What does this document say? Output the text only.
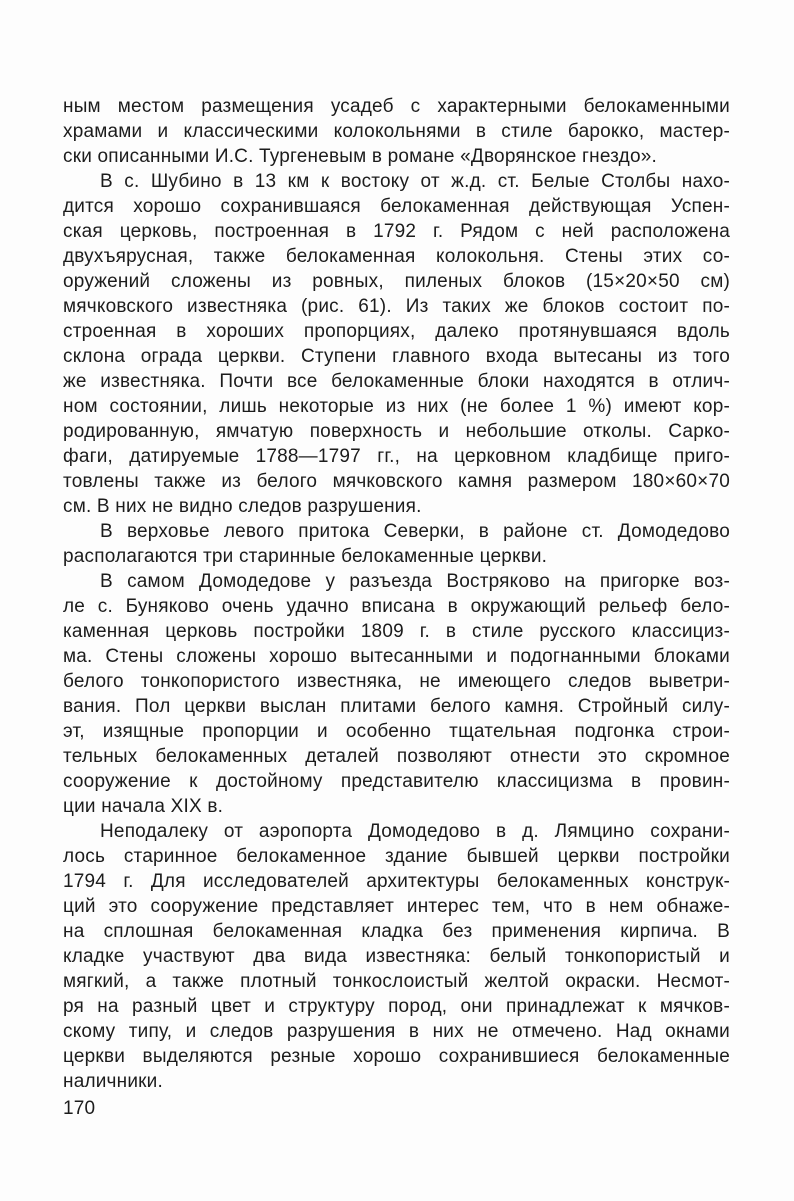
ным местом размещения усадеб с характерными белокаменными
храмами и классическими колокольнями в стиле барокко, мастер-
ски описанными И.С. Тургеневым в романе «Дворянское гнездо».
В с. Шубино в 13 км к востоку от ж.д. ст. Белые Столбы нахо-
дится хорошо сохранившаяся белокаменная действующая Успен-
ская церковь, построенная в 1792 г. Рядом с ней расположена
двухъярусная, также белокаменная колокольня. Стены этих со-
оружений сложены из ровных, пиленых блоков (15×20×50 см)
мячковского известняка (рис. 61). Из таких же блоков состоит по-
строенная в хороших пропорциях, далеко протянувшаяся вдоль
склона ограда церкви. Ступени главного входа вытесаны из того
же известняка. Почти все белокаменные блоки находятся в отлич-
ном состоянии, лишь некоторые из них (не более 1 %) имеют кор-
родированную, ямчатую поверхность и небольшие отколы. Сарко-
фаги, датируемые 1788—1797 гг., на церковном кладбище приго-
товлены также из белого мячковского камня размером 180×60×70
см. В них не видно следов разрушения.
В верховье левого притока Северки, в районе ст. Домодедово
располагаются три старинные белокаменные церкви.
В самом Домодедове у разъезда Востряково на пригорке воз-
ле с. Буняково очень удачно вписана в окружающий рельеф бело-
каменная церковь постройки 1809 г. в стиле русского классициз-
ма. Стены сложены хорошо вытесанными и подогнанными блоками
белого тонкопористого известняка, не имеющего следов выветри-
вания. Пол церкви выслан плитами белого камня. Стройный силу-
эт, изящные пропорции и особенно тщательная подгонка строи-
тельных белокаменных деталей позволяют отнести это скромное
сооружение к достойному представителю классицизма в провин-
ции начала XIX в.
Неподалеку от аэропорта Домодедово в д. Лямцино сохрани-
лось старинное белокаменное здание бывшей церкви постройки
1794 г. Для исследователей архитектуры белокаменных конструк-
ций это сооружение представляет интерес тем, что в нем обнаже-
на сплошная белокаменная кладка без применения кирпича. В
кладке участвуют два вида известняка: белый тонкопористый и
мягкий, а также плотный тонкослоистый желтой окраски. Несмот-
ря на разный цвет и структуру пород, они принадлежат к мячков-
скому типу, и следов разрушения в них не отмечено. Над окнами
церкви выделяются резные хорошо сохранившиеся белокаменные
наличники.
170
